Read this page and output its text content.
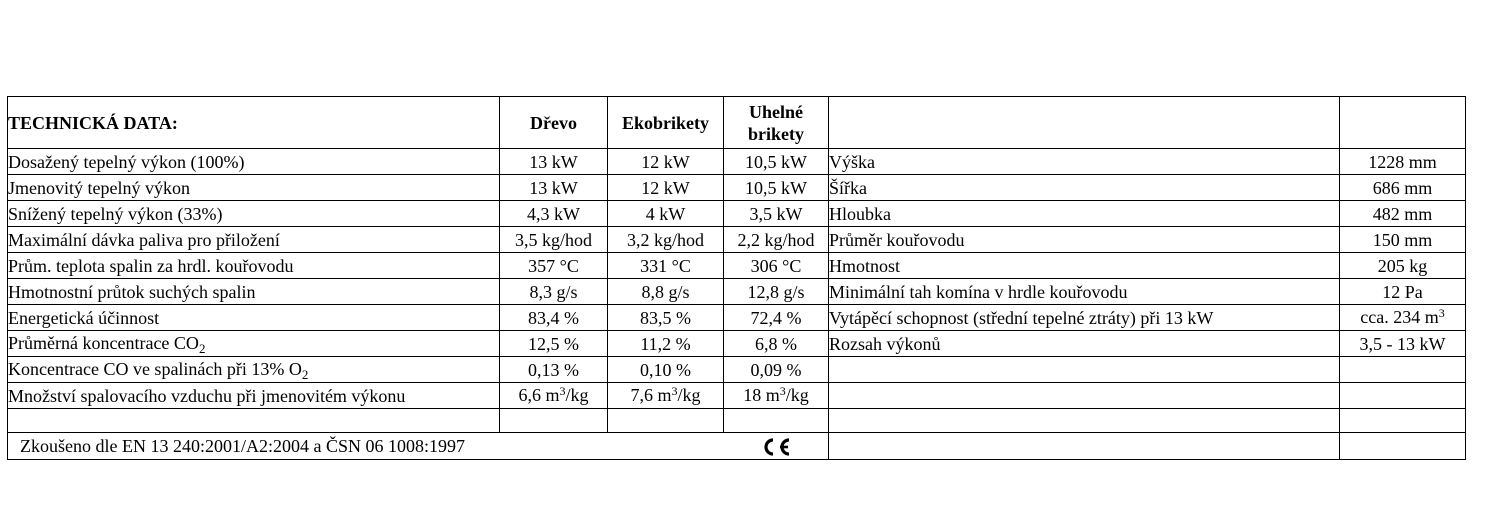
TECHNICKÁ DATA:	Dřevo	Ekobrikety	Uhelné brikety		
Dosažený tepelný výkon (100%)	13 kW	12 kW	10,5 kW	Výška	1228 mm
Jmenovitý tepelný výkon	13 kW	12 kW	10,5 kW	Šířka	686 mm
Snížený tepelný výkon (33%)	4,3 kW	4 kW	3,5 kW	Hloubka	482 mm
Maximální dávka paliva pro přiložení	3,5 kg/hod	3,2 kg/hod	2,2 kg/hod	Průměr kouřovodu	150 mm
Prům. teplota spalin za hrdl. kouřovodu	357 °C	331 °C	306 °C	Hmotnost	205 kg
Hmotnostní průtok suchých spalin	8,3 g/s	8,8 g/s	12,8 g/s	Minimální tah komína v hrdle kouřovodu	12 Pa
Energetická účinnost	83,4 %	83,5 %	72,4 %	Vytápěcí schopnost (střední tepelné ztráty) při 13 kW	cca. 234 $m^3$
Průměrná koncentrace $CO_2$	12,5 %	11,2 %	6,8 %	Rozsah výkonů	3,5 - 13 kW
Koncentrace CO ve spalinách při 13% $O_2$	0,13 %	0,10 %	0,09 %		
Množství spalovacího vzduchu při jmenovitém výkonu	6,6 $m^3/kg$	7,6 $m^3/kg$	18 $m^3/kg$		

Zkoušeno dle EN 13 240:2001/A2:2004 a ČSN 06 1008:1997					
